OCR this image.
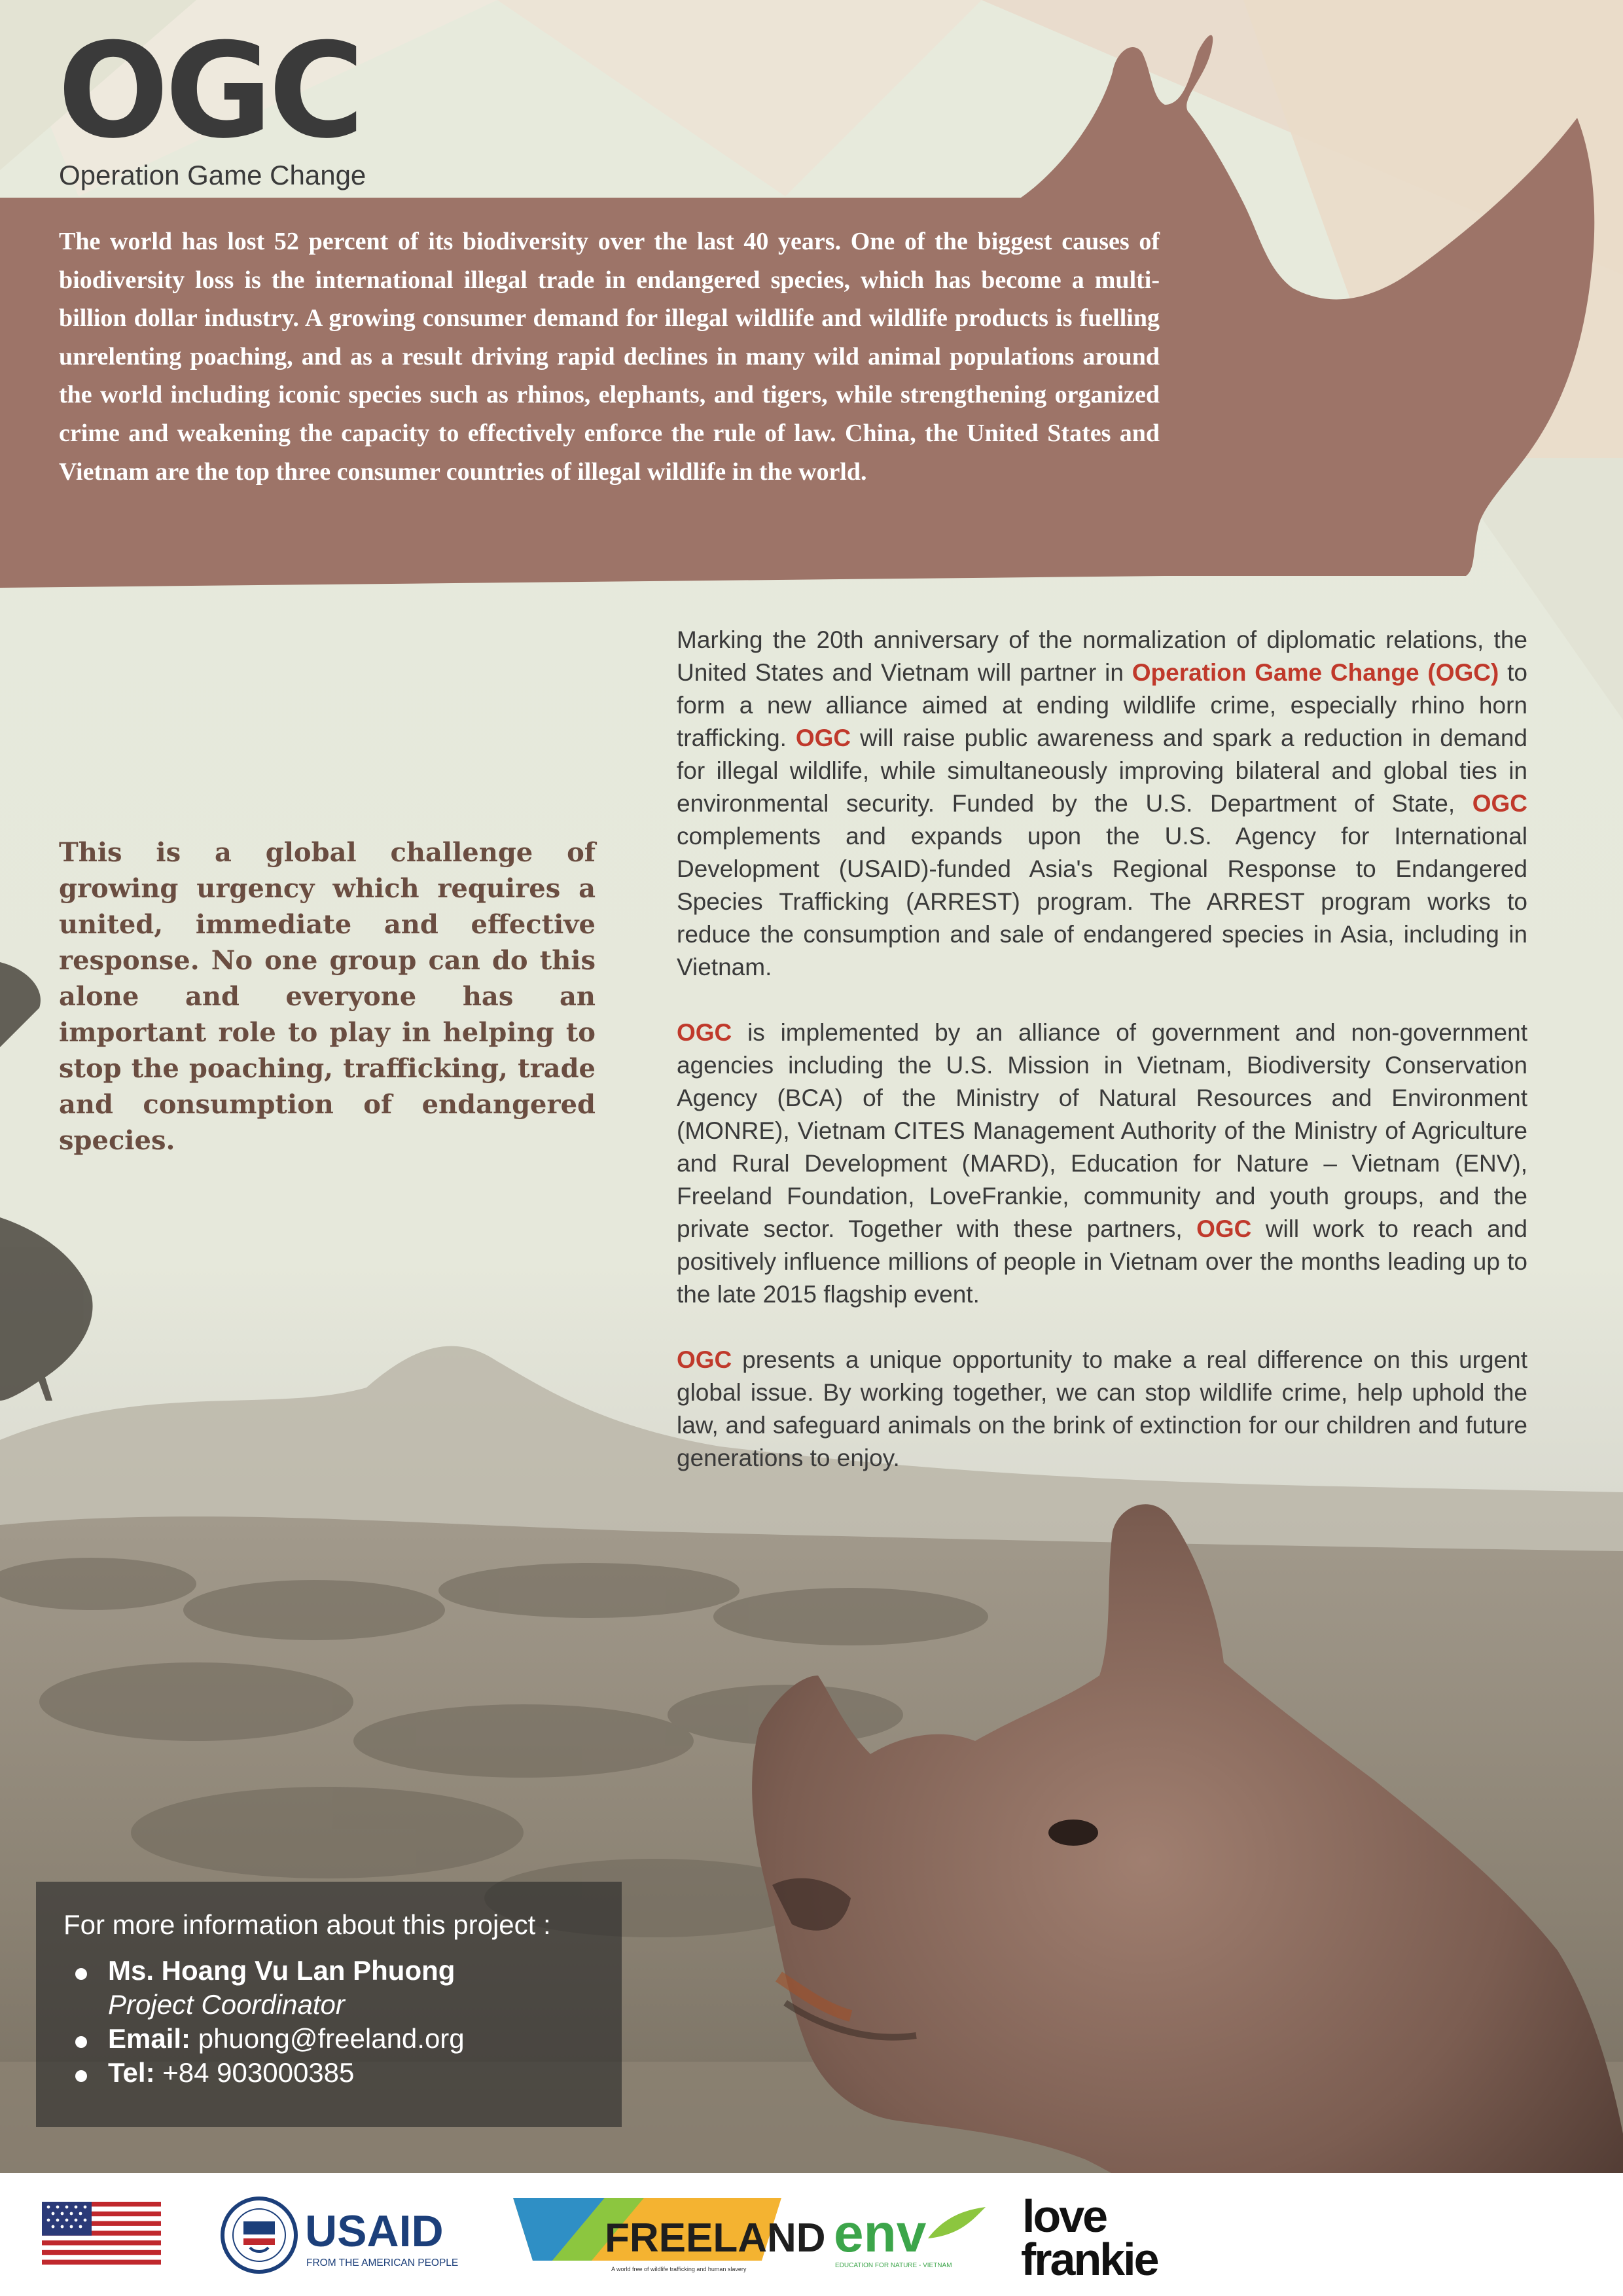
OGC
Operation Game Change
The world has lost 52 percent of its biodiversity over the last 40 years. One of the biggest causes of biodiversity loss is the international illegal trade in endangered species, which has become a multi-billion dollar industry. A growing consumer demand for illegal wildlife and wildlife products is fuelling unrelenting poaching, and as a result driving rapid declines in many wild animal populations around the world including iconic species such as rhinos, elephants, and tigers, while strengthening organized crime and weakening the capacity to effectively enforce the rule of law. China, the United States and Vietnam are the top three consumer countries of illegal wildlife in the world.
This is a global challenge of growing urgency which requires a united, immediate and effective response. No one group can do this alone and everyone has an important role to play in helping to stop the poaching, trafficking, trade and consumption of endangered species.

Marking the 20th anniversary of the normalization of diplomatic relations, the United States and Vietnam will partner in Operation Game Change (OGC) to form a new alliance aimed at ending wildlife crime, especially rhino horn trafficking. OGC will raise public awareness and spark a reduction in demand for illegal wildlife, while simultaneously improving bilateral and global ties in environmental security. Funded by the U.S. Department of State, OGC complements and expands upon the U.S. Agency for International Development (USAID)-funded Asia's Regional Response to Endangered Species Trafficking (ARREST) program. The ARREST program works to reduce the consumption and sale of endangered species in Asia, including in Vietnam.

OGC is implemented by an alliance of government and non-government agencies including the U.S. Mission in Vietnam, Biodiversity Conservation Agency (BCA) of the Ministry of Natural Resources and Environment (MONRE), Vietnam CITES Management Authority of the Ministry of Agriculture and Rural Development (MARD), Education for Nature – Vietnam (ENV), Freeland Foundation, LoveFrankie, community and youth groups, and the private sector. Together with these partners, OGC will work to reach and positively influence millions of people in Vietnam over the months leading up to the late 2015 flagship event.

OGC presents a unique opportunity to make a real difference on this urgent global issue. By working together, we can stop wildlife crime, help uphold the law, and safeguard animals on the brink of extinction for our children and future generations to enjoy.

For more information about this project :
Ms. Hoang Vu Lan Phuong
Project Coordinator
Email: phuong@freeland.org
Tel: +84 903000385
USAID
FROM THE AMERICAN PEOPLE
FREELAND
A world free of wildlife trafficking and human slavery
env
EDUCATION FOR NATURE - VIETNAM
love
frankie
